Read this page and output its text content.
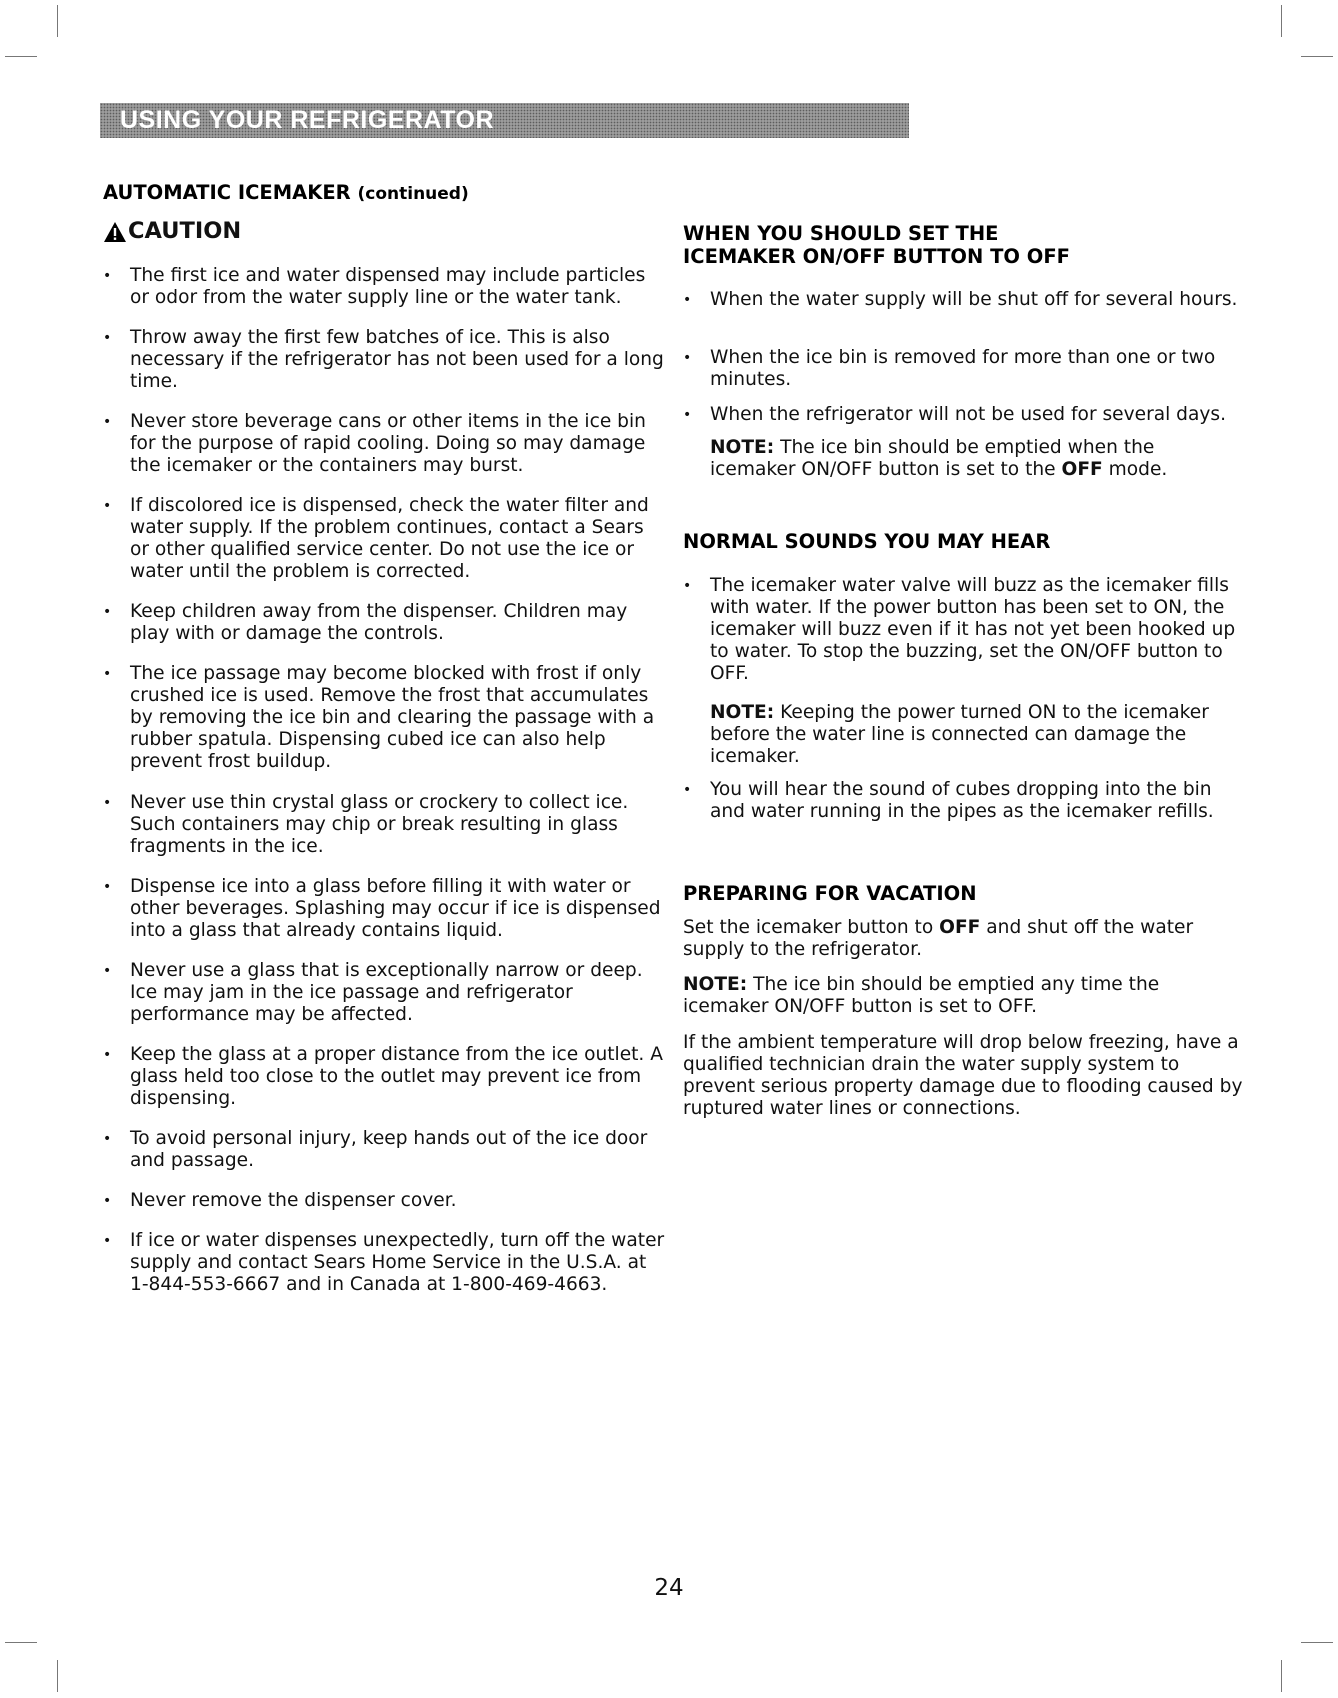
USING YOUR REFRIGERATOR
AUTOMATIC ICEMAKER (continued)
CAUTION
• The first ice and water dispensed may include particles or odor from the water supply line or the water tank.
• Throw away the first few batches of ice. This is also necessary if the refrigerator has not been used for a long time.
• Never store beverage cans or other items in the ice bin for the purpose of rapid cooling. Doing so may damage the icemaker or the containers may burst.
• If discolored ice is dispensed, check the water filter and water supply. If the problem continues, contact a Sears or other qualified service center. Do not use the ice or water until the problem is corrected.
• Keep children away from the dispenser. Children may play with or damage the controls.
• The ice passage may become blocked with frost if only crushed ice is used. Remove the frost that accumulates by removing the ice bin and clearing the passage with a rubber spatula. Dispensing cubed ice can also help prevent frost buildup.
• Never use thin crystal glass or crockery to collect ice. Such containers may chip or break resulting in glass fragments in the ice.
• Dispense ice into a glass before filling it with water or other beverages. Splashing may occur if ice is dispensed into a glass that already contains liquid.
• Never use a glass that is exceptionally narrow or deep. Ice may jam in the ice passage and refrigerator performance may be affected.
• Keep the glass at a proper distance from the ice outlet. A glass held too close to the outlet may prevent ice from dispensing.
• To avoid personal injury, keep hands out of the ice door and passage.
• Never remove the dispenser cover.
• If ice or water dispenses unexpectedly, turn off the water supply and contact Sears Home Service in the U.S.A. at 1-844-553-6667 and in Canada at 1-800-469-4663.
WHEN YOU SHOULD SET THE ICEMAKER ON/OFF BUTTON TO OFF
• When the water supply will be shut off for several hours.
• When the ice bin is removed for more than one or two minutes.
• When the refrigerator will not be used for several days.
NOTE: The ice bin should be emptied when the icemaker ON/OFF button is set to the OFF mode.
NORMAL SOUNDS YOU MAY HEAR
• The icemaker water valve will buzz as the icemaker fills with water. If the power button has been set to ON, the icemaker will buzz even if it has not yet been hooked up to water. To stop the buzzing, set the ON/OFF button to OFF.
• You will hear the sound of cubes dropping into the bin and water running in the pipes as the icemaker refills.
NOTE: Keeping the power turned ON to the icemaker before the water line is connected can damage the icemaker.
PREPARING FOR VACATION
Set the icemaker button to OFF and shut off the water supply to the refrigerator.
NOTE: The ice bin should be emptied any time the icemaker ON/OFF button is set to OFF.
If the ambient temperature will drop below freezing, have a qualified technician drain the water supply system to prevent serious property damage due to flooding caused by ruptured water lines or connections.
24
